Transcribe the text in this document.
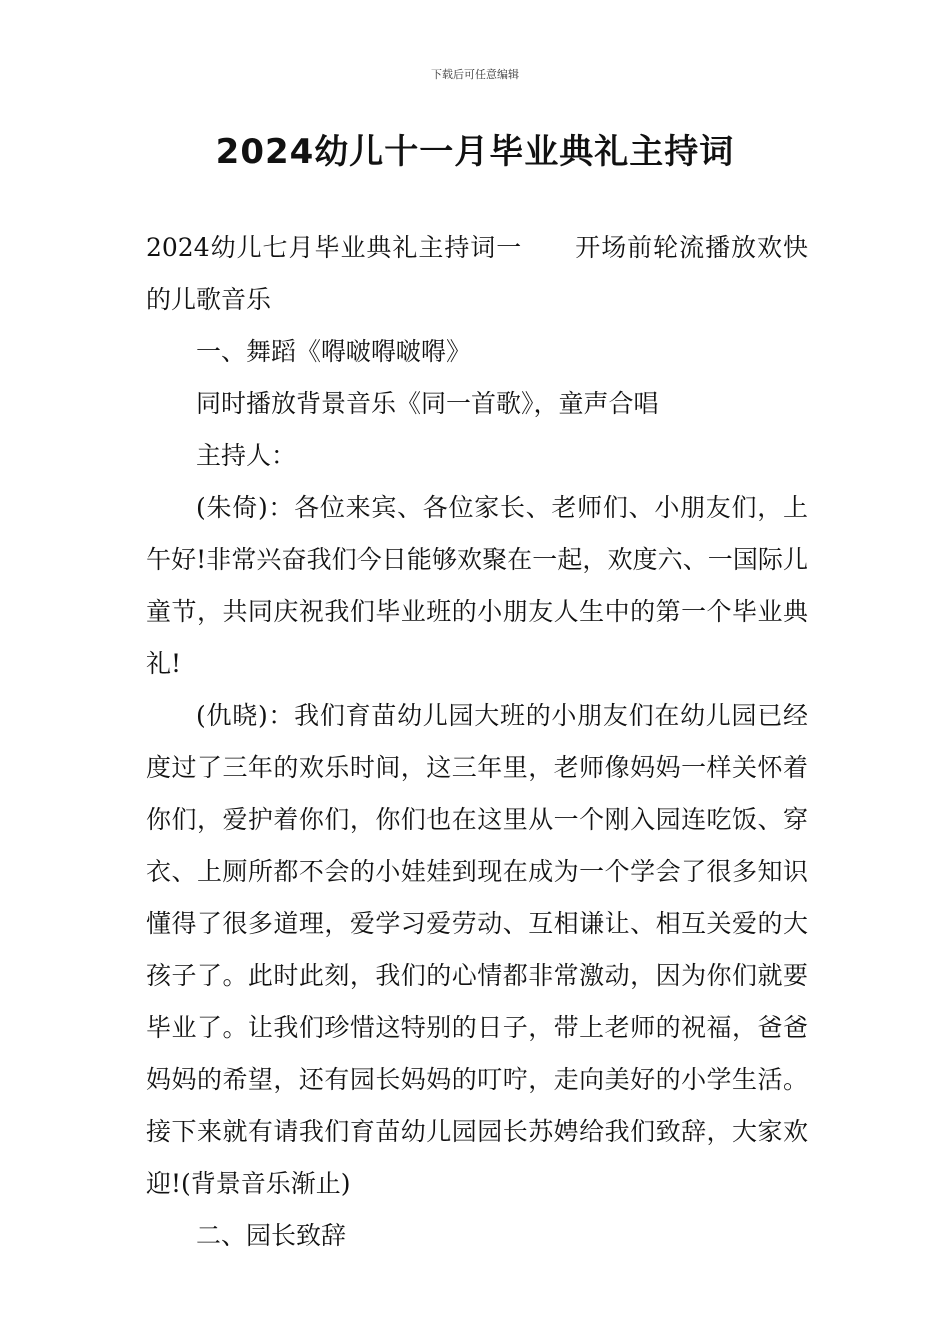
下载后可任意编辑
2024幼儿十一月毕业典礼主持词

2024幼儿七月毕业典礼主持词一 开场前轮流播放欢快的儿歌音乐

一、舞蹈《嘚啵嘚啵嘚》

同时播放背景音乐《同一首歌》，童声合唱

主持人：

(朱倚)：各位来宾、各位家长、老师们、小朋友们，上午好!非常兴奋我们今日能够欢聚在一起，欢度六、一国际儿童节，共同庆祝我们毕业班的小朋友人生中的第一个毕业典礼!

(仇晓)：我们育苗幼儿园大班的小朋友们在幼儿园已经度过了三年的欢乐时间，这三年里，老师像妈妈一样关怀着你们，爱护着你们，你们也在这里从一个刚入园连吃饭、穿衣、上厕所都不会的小娃娃到现在成为一个学会了很多知识懂得了很多道理，爱学习爱劳动、互相谦让、相互关爱的大孩子了。此时此刻，我们的心情都非常激动，因为你们就要毕业了。让我们珍惜这特别的日子，带上老师的祝福，爸爸妈妈的希望，还有园长妈妈的叮咛，走向美好的小学生活。接下来就有请我们育苗幼儿园园长苏娉给我们致辞，大家欢迎!(背景音乐渐止)

二、园长致辞
